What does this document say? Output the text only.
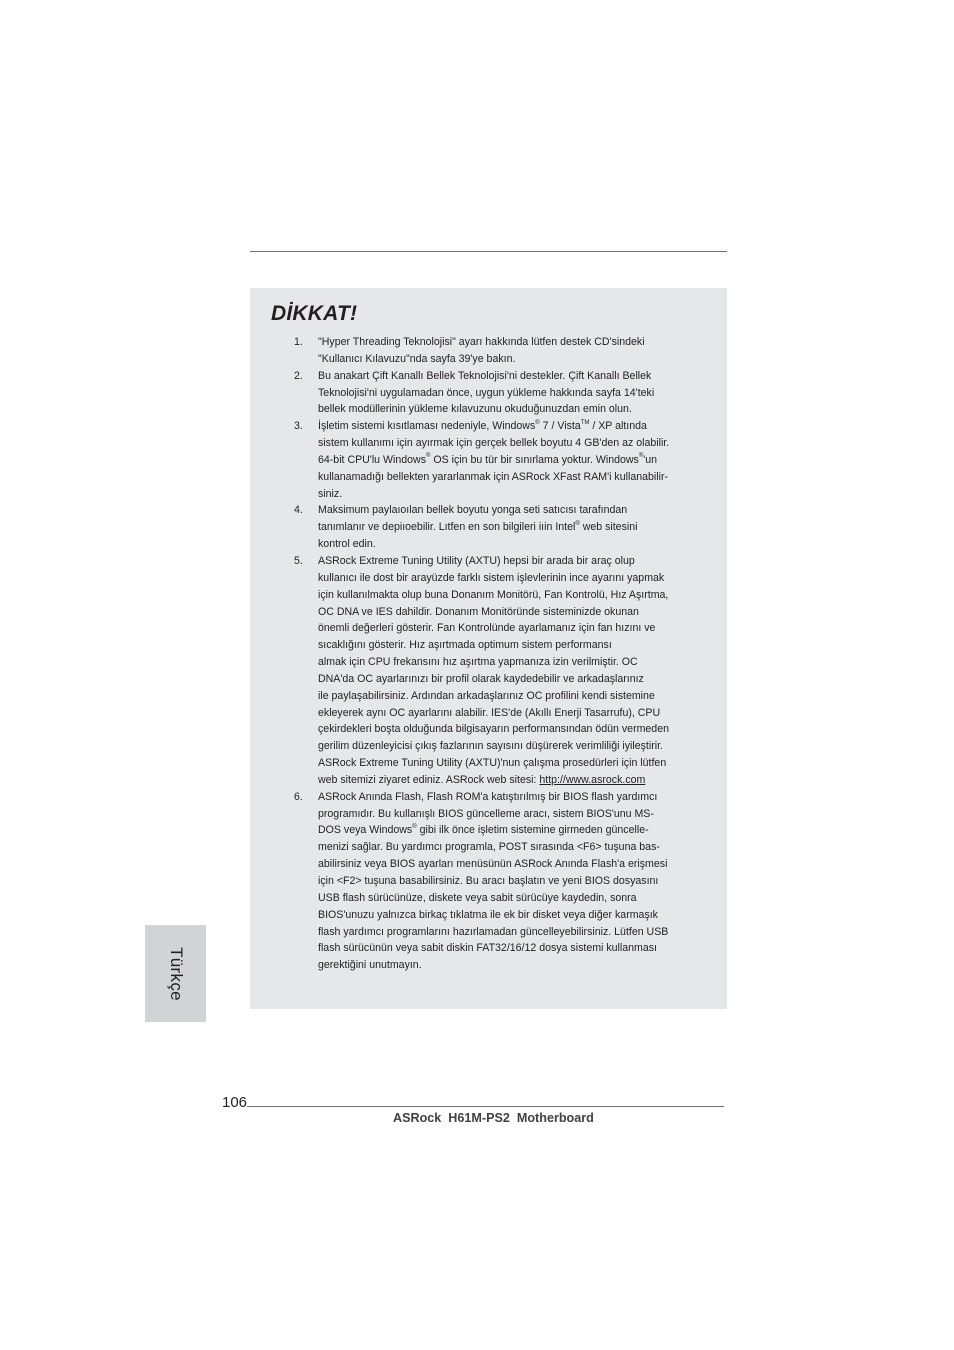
DİKKAT!
1. "Hyper Threading Teknolojisi" ayarı hakkında lütfen destek CD'sindeki
"Kullanıcı Kılavuzu"nda sayfa 39'ye bakın.
2. Bu anakart Çift Kanallı Bellek Teknolojisi'ni destekler. Çift Kanallı Bellek
Teknolojisi'ni uygulamadan önce, uygun yükleme hakkında sayfa 14'teki
bellek modüllerinin yükleme kılavuzunu okuduğunuzdan emin olun.
3. İşletim sistemi kısıtlaması nedeniyle, Windows® 7 / Vista™ / XP altında
sistem kullanımı için ayırmak için gerçek bellek boyutu 4 GB'den az olabilir.
64-bit CPU'lu Windows® OS için bu tür bir sınırlama yoktur. Windows®'un
kullanamadığı bellekten yararlanmak için ASRock XFast RAM'i kullanabilir-
siniz.
4. Maksimum paylaıoılan bellek boyutu yonga seti satıcısı tarafından
tanımlanır ve depiıoebilir. Lıtfen en son bilgileri iıin Intel® web sitesini
kontrol edin.
5. ASRock Extreme Tuning Utility (AXTU) hepsi bir arada bir araç olup
kullanıcı ile dost bir arayüzde farklı sistem işlevlerinin ince ayarını yapmak
için kullanılmakta olup buna Donanım Monitörü, Fan Kontrolü, Hız Aşırtma,
OC DNA ve IES dahildir. Donanım Monitöründe sisteminizde okunan
önemli değerleri gösterir. Fan Kontrolünde ayarlamanız için fan hızını ve
sıcaklığını gösterir. Hız aşırtmada optimum sistem performansı
almak için CPU frekansını hız aşırtma yapmanıza izin verilmiştir. OC
DNA'da OC ayarlarınızı bir profil olarak kaydedebilir ve arkadaşlarınız
ile paylaşabilirsiniz. Ardından arkadaşlarınız OC profilini kendi sistemine
ekleyerek aynı OC ayarlarını alabilir. IES'de (Akıllı Enerji Tasarrufu), CPU
çekirdekleri boşta olduğunda bilgisayarın performansından ödün vermeden
gerilim düzenleyicisi çıkış fazlarının sayısını düşürerek verimliliği iyileştirir.
ASRock Extreme Tuning Utility (AXTU)'nun çalışma prosedürleri için lütfen
web sitemizi ziyaret ediniz. ASRock web sitesi: http://www.asrock.com
6. ASRock Anında Flash, Flash ROM'a katıştırılmış bir BIOS flash yardımcı
programıdır. Bu kullanışlı BIOS güncelleme aracı, sistem BIOS'unu MS-
DOS veya Windows® gibi ilk önce işletim sistemine girmeden güncelle-
menizi sağlar. Bu yardımcı programla, POST sırasında <F6> tuşuna bas-
abilirsiniz veya BIOS ayarları menüsünün ASRock Anında Flash'a erişmesi
için <F2> tuşuna basabilirsiniz. Bu aracı başlatın ve yeni BIOS dosyasını
USB flash sürücünüze, diskete veya sabit sürücüye kaydedin, sonra
BIOS'unuzu yalnızca birkaç tıklatma ile ek bir disket veya diğer karmaşık
flash yardımcı programlarını hazırlamadan güncelleyebilirsiniz. Lütfen USB
flash sürücünün veya sabit diskin FAT32/16/12 dosya sistemi kullanması
gerektiğini unutmayın.
Türkçe
106
ASRock  H61M-PS2  Motherboard
